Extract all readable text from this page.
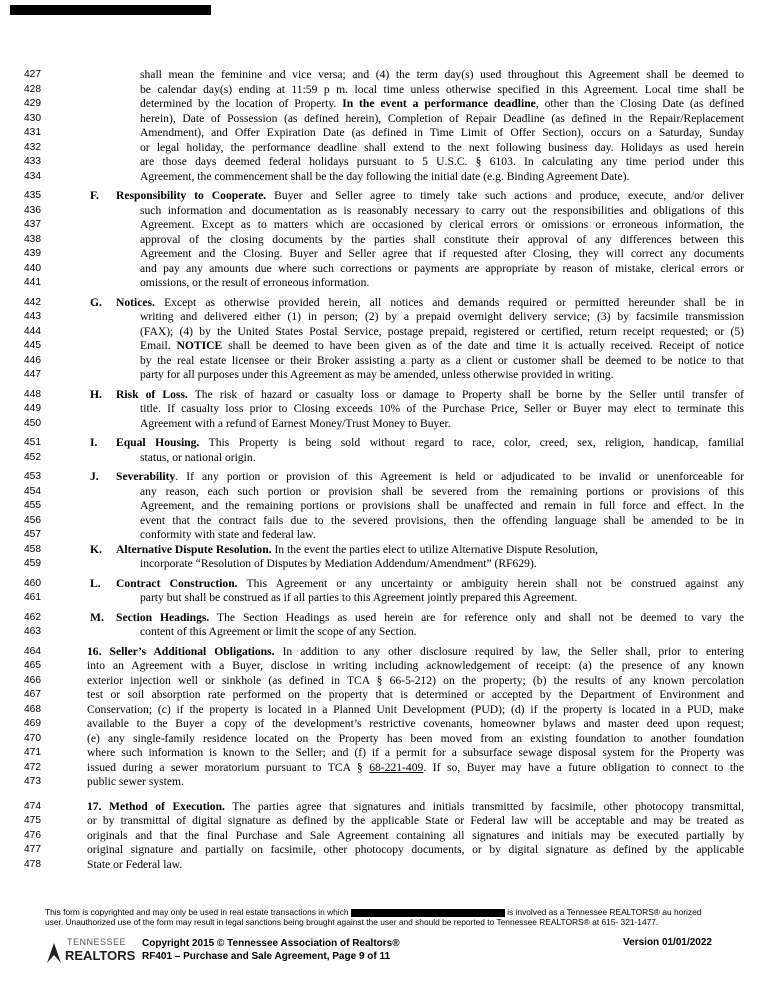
427	shall mean the feminine and vice versa; and (4) the term day(s) used throughout this Agreement shall be deemed to
428	be calendar day(s) ending at 11:59 p m. local time unless otherwise specified in this Agreement. Local time shall be
429	determined by the location of Property. In the event a performance deadline, other than the Closing Date (as defined
430	herein), Date of Possession (as defined herein), Completion of Repair Deadline (as defined in the Repair/Replacement
431	Amendment), and Offer Expiration Date (as defined in Time Limit of Offer Section), occurs on a Saturday, Sunday
432	or legal holiday, the performance deadline shall extend to the next following business day. Holidays as used herein
433	are those days deemed federal holidays pursuant to 5 U.S.C. § 6103. In calculating any time period under this
434	Agreement, the commencement shall be the day following the initial date (e.g. Binding Agreement Date).
435	F.	Responsibility to Cooperate. Buyer and Seller agree to timely take such actions and produce, execute, and/or deliver
436	such information and documentation as is reasonably necessary to carry out the responsibilities and obligations of this
437	Agreement. Except as to matters which are occasioned by clerical errors or omissions or erroneous information, the
438	approval of the closing documents by the parties shall constitute their approval of any differences between this
439	Agreement and the Closing. Buyer and Seller agree that if requested after Closing, they will correct any documents
440	and pay any amounts due where such corrections or payments are appropriate by reason of mistake, clerical errors or
441	omissions, or the result of erroneous information.
442	G.	Notices. Except as otherwise provided herein, all notices and demands required or permitted hereunder shall be in
443	writing and delivered either (1) in person; (2) by a prepaid overnight delivery service; (3) by facsimile transmission
444	(FAX); (4) by the United States Postal Service, postage prepaid, registered or certified, return receipt requested; or (5)
445	Email. NOTICE shall be deemed to have been given as of the date and time it is actually received. Receipt of notice
446	by the real estate licensee or their Broker assisting a party as a client or customer shall be deemed to be notice to that
447	party for all purposes under this Agreement as may be amended, unless otherwise provided in writing.
448	H.	Risk of Loss. The risk of hazard or casualty loss or damage to Property shall be borne by the Seller until transfer of
449	title. If casualty loss prior to Closing exceeds 10% of the Purchase Price, Seller or Buyer may elect to terminate this
450	Agreement with a refund of Earnest Money/Trust Money to Buyer.
451	I.	Equal Housing. This Property is being sold without regard to race, color, creed, sex, religion, handicap, familial
452	status, or national origin.
453	J.	Severability. If any portion or provision of this Agreement is held or adjudicated to be invalid or unenforceable for
454	any reason, each such portion or provision shall be severed from the remaining portions or provisions of this
455	Agreement, and the remaining portions or provisions shall be unaffected and remain in full force and effect. In the
456	event that the contract fails due to the severed provisions, then the offending language shall be amended to be in
457	conformity with state and federal law.
458	K.	Alternative Dispute Resolution. In the event the parties elect to utilize Alternative Dispute Resolution,
459	incorporate “Resolution of Disputes by Mediation Addendum/Amendment” (RF629).
460	L.	Contract Construction. This Agreement or any uncertainty or ambiguity herein shall not be construed against any
461	party but shall be construed as if all parties to this Agreement jointly prepared this Agreement.
462	M.	Section Headings. The Section Headings as used herein are for reference only and shall not be deemed to vary the
463	content of this Agreement or limit the scope of any Section.
464	16. Seller’s Additional Obligations. In addition to any other disclosure required by law, the Seller shall, prior to entering
465	into an Agreement with a Buyer, disclose in writing including acknowledgement of receipt: (a) the presence of any known
466	exterior injection well or sinkhole (as defined in TCA § 66-5-212) on the property; (b) the results of any known percolation
467	test or soil absorption rate performed on the property that is determined or accepted by the Department of Environment and
468	Conservation; (c) if the property is located in a Planned Unit Development (PUD); (d) if the property is located in a PUD, make
469	available to the Buyer a copy of the development’s restrictive covenants, homeowner bylaws and master deed upon request;
470	(e) any single-family residence located on the Property has been moved from an existing foundation to another foundation
471	where such information is known to the Seller; and (f) if a permit for a subsurface sewage disposal system for the Property was
472	issued during a sewer moratorium pursuant to TCA § 68-221-409. If so, Buyer may have a future obligation to connect to the
473	public sewer system.
474	17. Method of Execution. The parties agree that signatures and initials transmitted by facsimile, other photocopy transmittal,
475	or by transmittal of digital signature as defined by the applicable State or Federal law will be acceptable and may be treated as
476	originals and that the final Purchase and Sale Agreement containing all signatures and initials may be executed partially by
477	original signature and partially on facsimile, other photocopy documents, or by digital signature as defined by the applicable
478	State or Federal law.
This form is copyrighted and may only be used in real estate transactions in which	is involved as a Tennessee REALTORS® au horized
user. Unauthorized use of the form may result in legal sanctions being brought against the user and should be reported to Tennessee REALTORS® at 615- 321-1477.
TENNESSEE
REALTORS
Copyright 2015 © Tennessee Association of Realtors®
RF401 – Purchase and Sale Agreement, Page 9 of 11
Version 01/01/2022
